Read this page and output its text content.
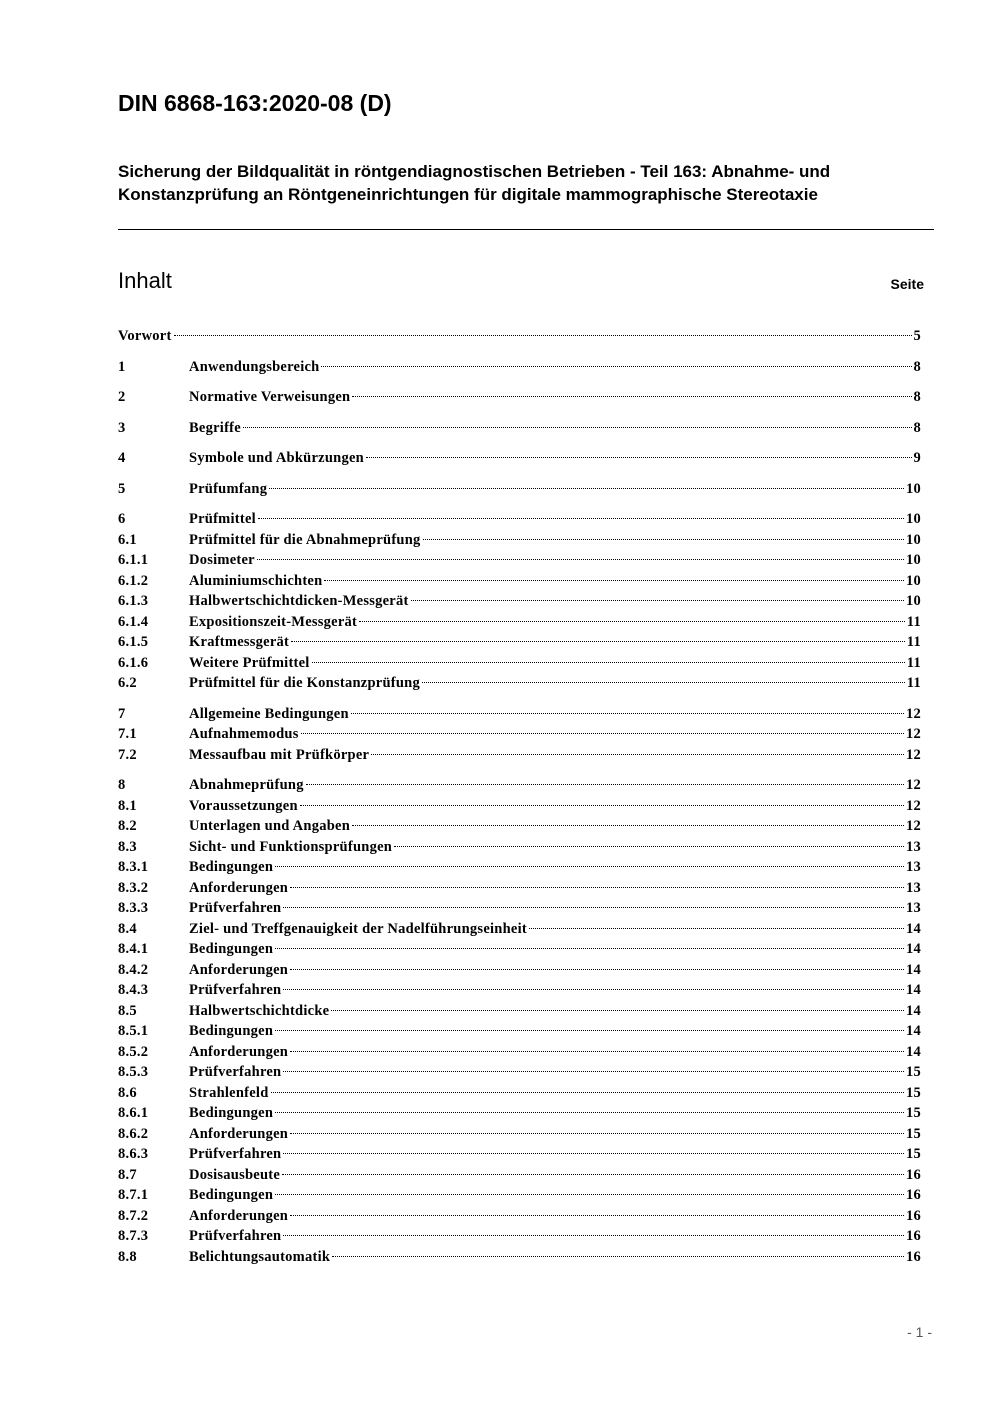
DIN 6868-163:2020-08 (D)
Sicherung der Bildqualität in röntgendiagnostischen Betrieben - Teil 163: Abnahme- und Konstanzprüfung an Röntgeneinrichtungen für digitale mammographische Stereotaxie
Inhalt	Seite
Vorwort	5
1	Anwendungsbereich	8
2	Normative Verweisungen	8
3	Begriffe	8
4	Symbole und Abkürzungen	9
5	Prüfumfang	10
6	Prüfmittel	10
6.1	Prüfmittel für die Abnahmeprüfung	10
6.1.1	Dosimeter	10
6.1.2	Aluminiumschichten	10
6.1.3	Halbwertschichtdicken-Messgerät	10
6.1.4	Expositionszeit-Messgerät	11
6.1.5	Kraftmessgerät	11
6.1.6	Weitere Prüfmittel	11
6.2	Prüfmittel für die Konstanzprüfung	11
7	Allgemeine Bedingungen	12
7.1	Aufnahmemodus	12
7.2	Messaufbau mit Prüfkörper	12
8	Abnahmeprüfung	12
8.1	Voraussetzungen	12
8.2	Unterlagen und Angaben	12
8.3	Sicht- und Funktionsprüfungen	13
8.3.1	Bedingungen	13
8.3.2	Anforderungen	13
8.3.3	Prüfverfahren	13
8.4	Ziel- und Treffgenauigkeit der Nadelführungseinheit	14
8.4.1	Bedingungen	14
8.4.2	Anforderungen	14
8.4.3	Prüfverfahren	14
8.5	Halbwertschichtdicke	14
8.5.1	Bedingungen	14
8.5.2	Anforderungen	14
8.5.3	Prüfverfahren	15
8.6	Strahlenfeld	15
8.6.1	Bedingungen	15
8.6.2	Anforderungen	15
8.6.3	Prüfverfahren	15
8.7	Dosisausbeute	16
8.7.1	Bedingungen	16
8.7.2	Anforderungen	16
8.7.3	Prüfverfahren	16
8.8	Belichtungsautomatik	16
- 1 -
